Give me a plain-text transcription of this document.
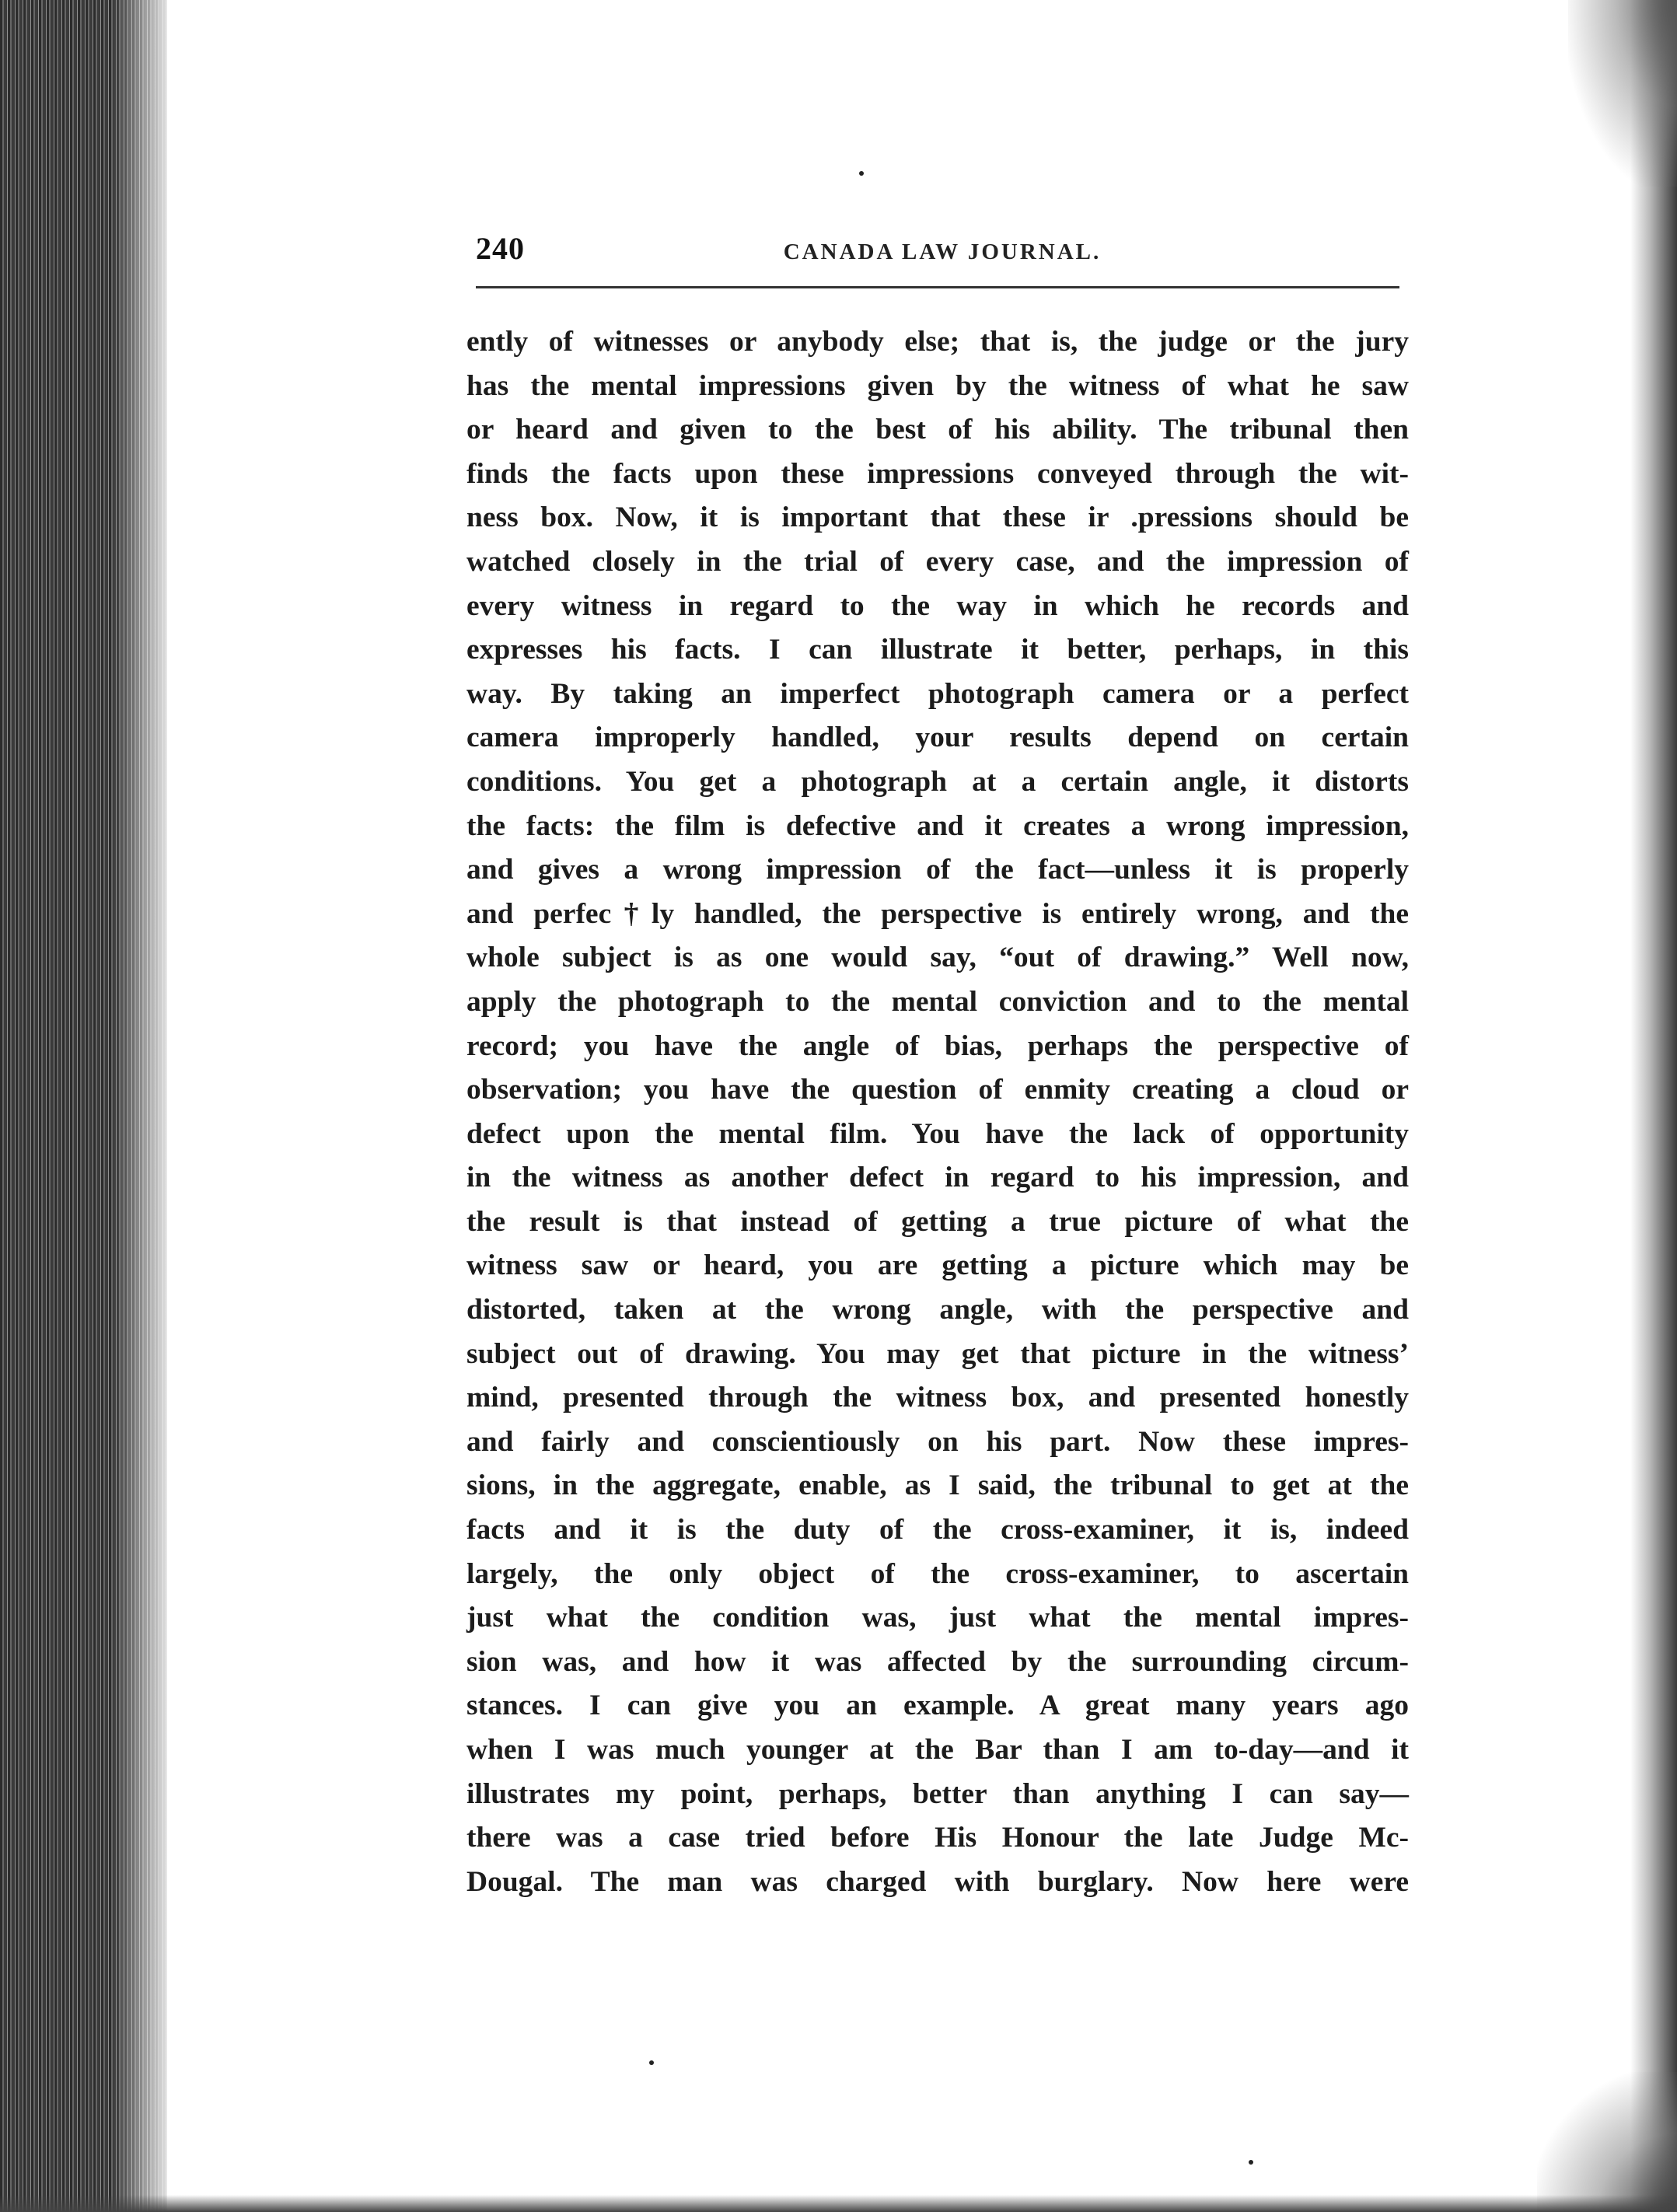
240	CANADA LAW JOURNAL.
ently of witnesses or anybody else; that is, the judge or the jury
has the mental impressions given by the witness of what he saw
or heard and given to the best of his ability. The tribunal then
finds the facts upon these impressions conveyed through the wit-
ness box. Now, it is important that these ir .pressions should be
watched closely in the trial of every case, and the impression of
every witness in regard to the way in which he records and
expresses his facts. I can illustrate it better, perhaps, in this
way. By taking an imperfect photograph camera or a perfect
camera improperly handled, your results depend on certain
conditions. You get a photograph at a certain angle, it distorts
the facts: the film is defective and it creates a wrong impression,
and gives a wrong impression of the fact—unless it is properly
and perfec†ly handled, the perspective is entirely wrong, and the
whole subject is as one would say, “out of drawing.” Well now,
apply the photograph to the mental conviction and to the mental
record; you have the angle of bias, perhaps the perspective of
observation; you have the question of enmity creating a cloud or
defect upon the mental film. You have the lack of opportunity
in the witness as another defect in regard to his impression, and
the result is that instead of getting a true picture of what the
witness saw or heard, you are getting a picture which may be
distorted, taken at the wrong angle, with the perspective and
subject out of drawing. You may get that picture in the witness’
mind, presented through the witness box, and presented honestly
and fairly and conscientiously on his part. Now these impres-
sions, in the aggregate, enable, as I said, the tribunal to get at the
facts and it is the duty of the cross-examiner, it is, indeed
largely, the only object of the cross-examiner, to ascertain
just what the condition was, just what the mental impres-
sion was, and how it was affected by the surrounding circum-
stances. I can give you an example. A great many years ago
when I was much younger at the Bar than I am to-day—and it
illustrates my point, perhaps, better than anything I can say—
there was a case tried before His Honour the late Judge Mc-
Dougal. The man was charged with burglary. Now here were
